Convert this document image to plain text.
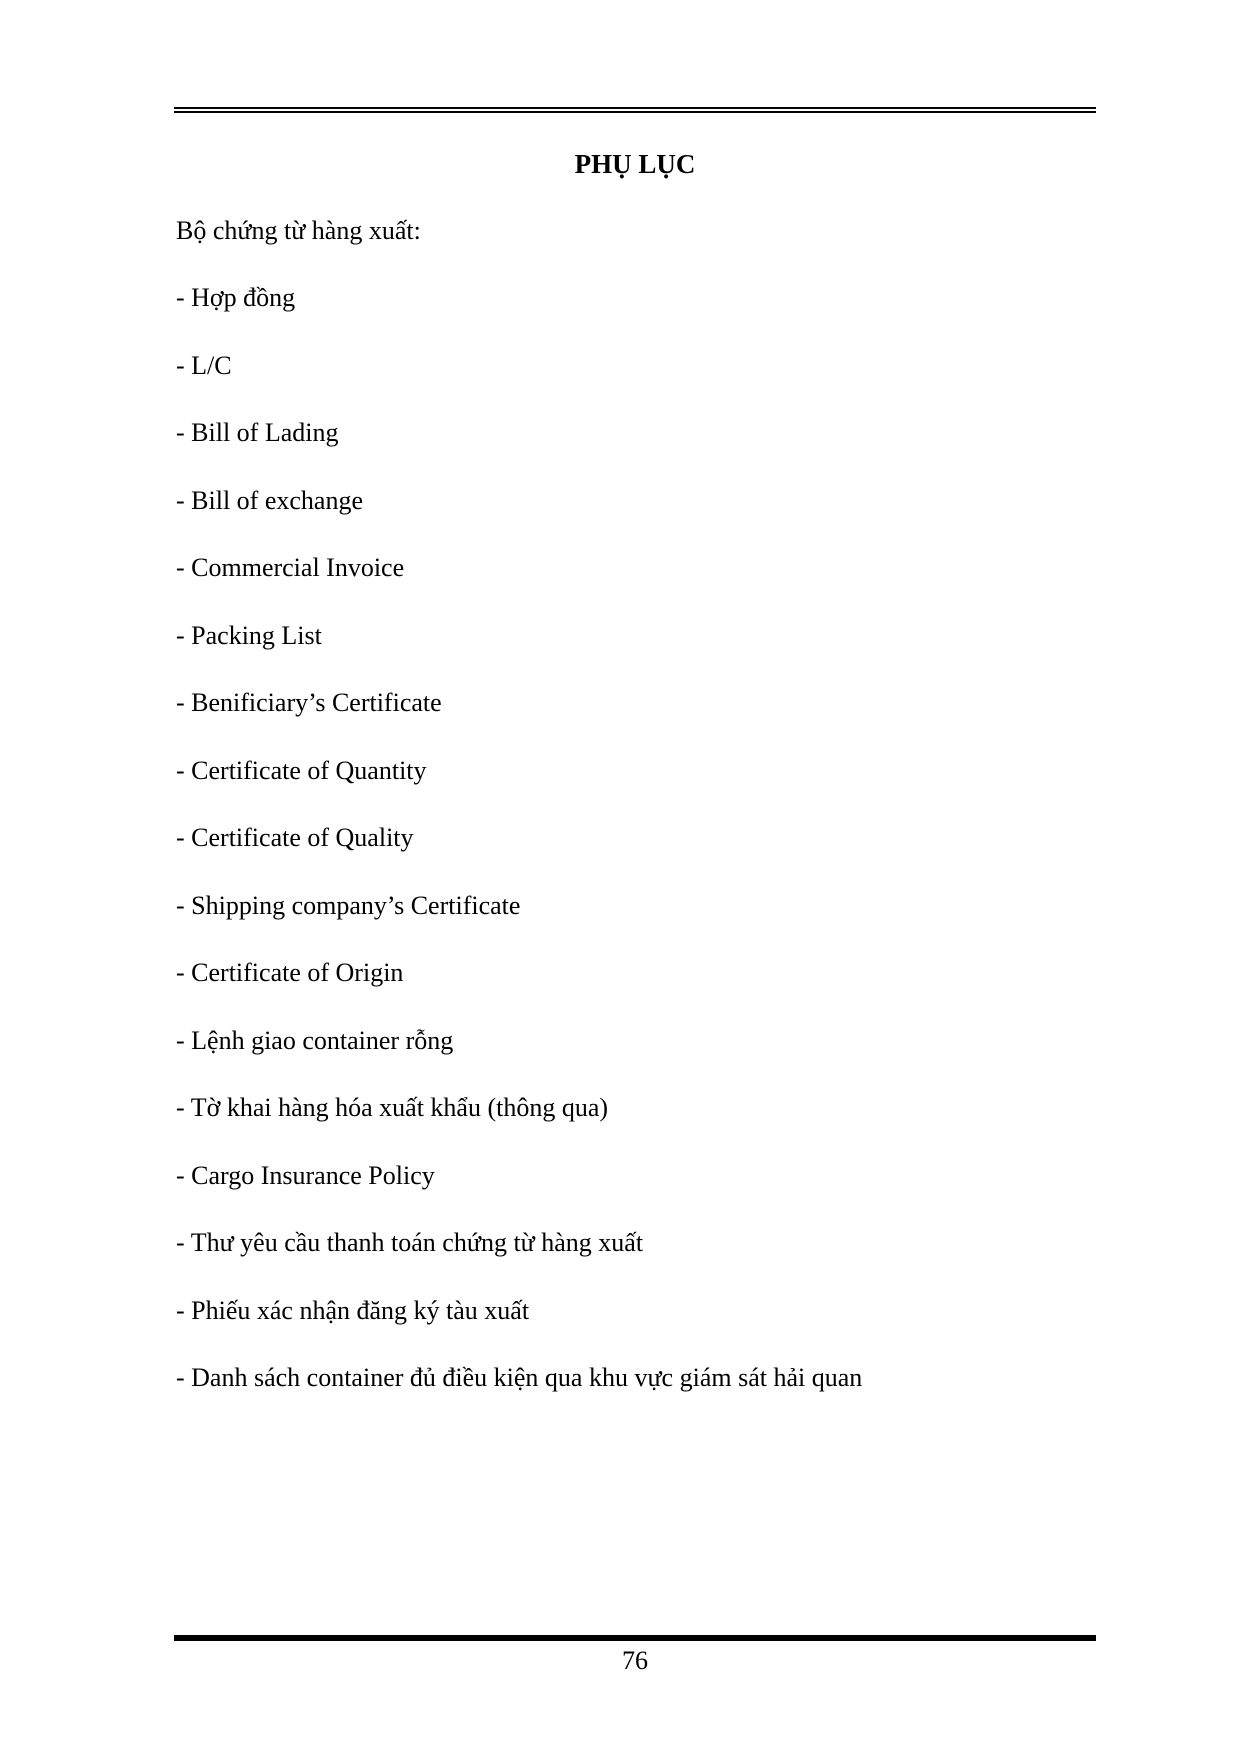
PHỤ LỤC
Bộ chứng từ hàng xuất:
- Hợp đồng
- L/C
- Bill of Lading
- Bill of exchange
- Commercial Invoice
- Packing List
- Benificiary’s Certificate
- Certificate of Quantity
- Certificate of Quality
- Shipping company’s Certificate
- Certificate of Origin
- Lệnh giao container rỗng
- Tờ khai hàng hóa xuất khẩu (thông qua)
- Cargo Insurance Policy
- Thư yêu cầu thanh toán chứng từ hàng xuất
- Phiếu xác nhận đăng ký tàu xuất
- Danh sách container đủ điều kiện qua khu vực giám sát hải quan
76
